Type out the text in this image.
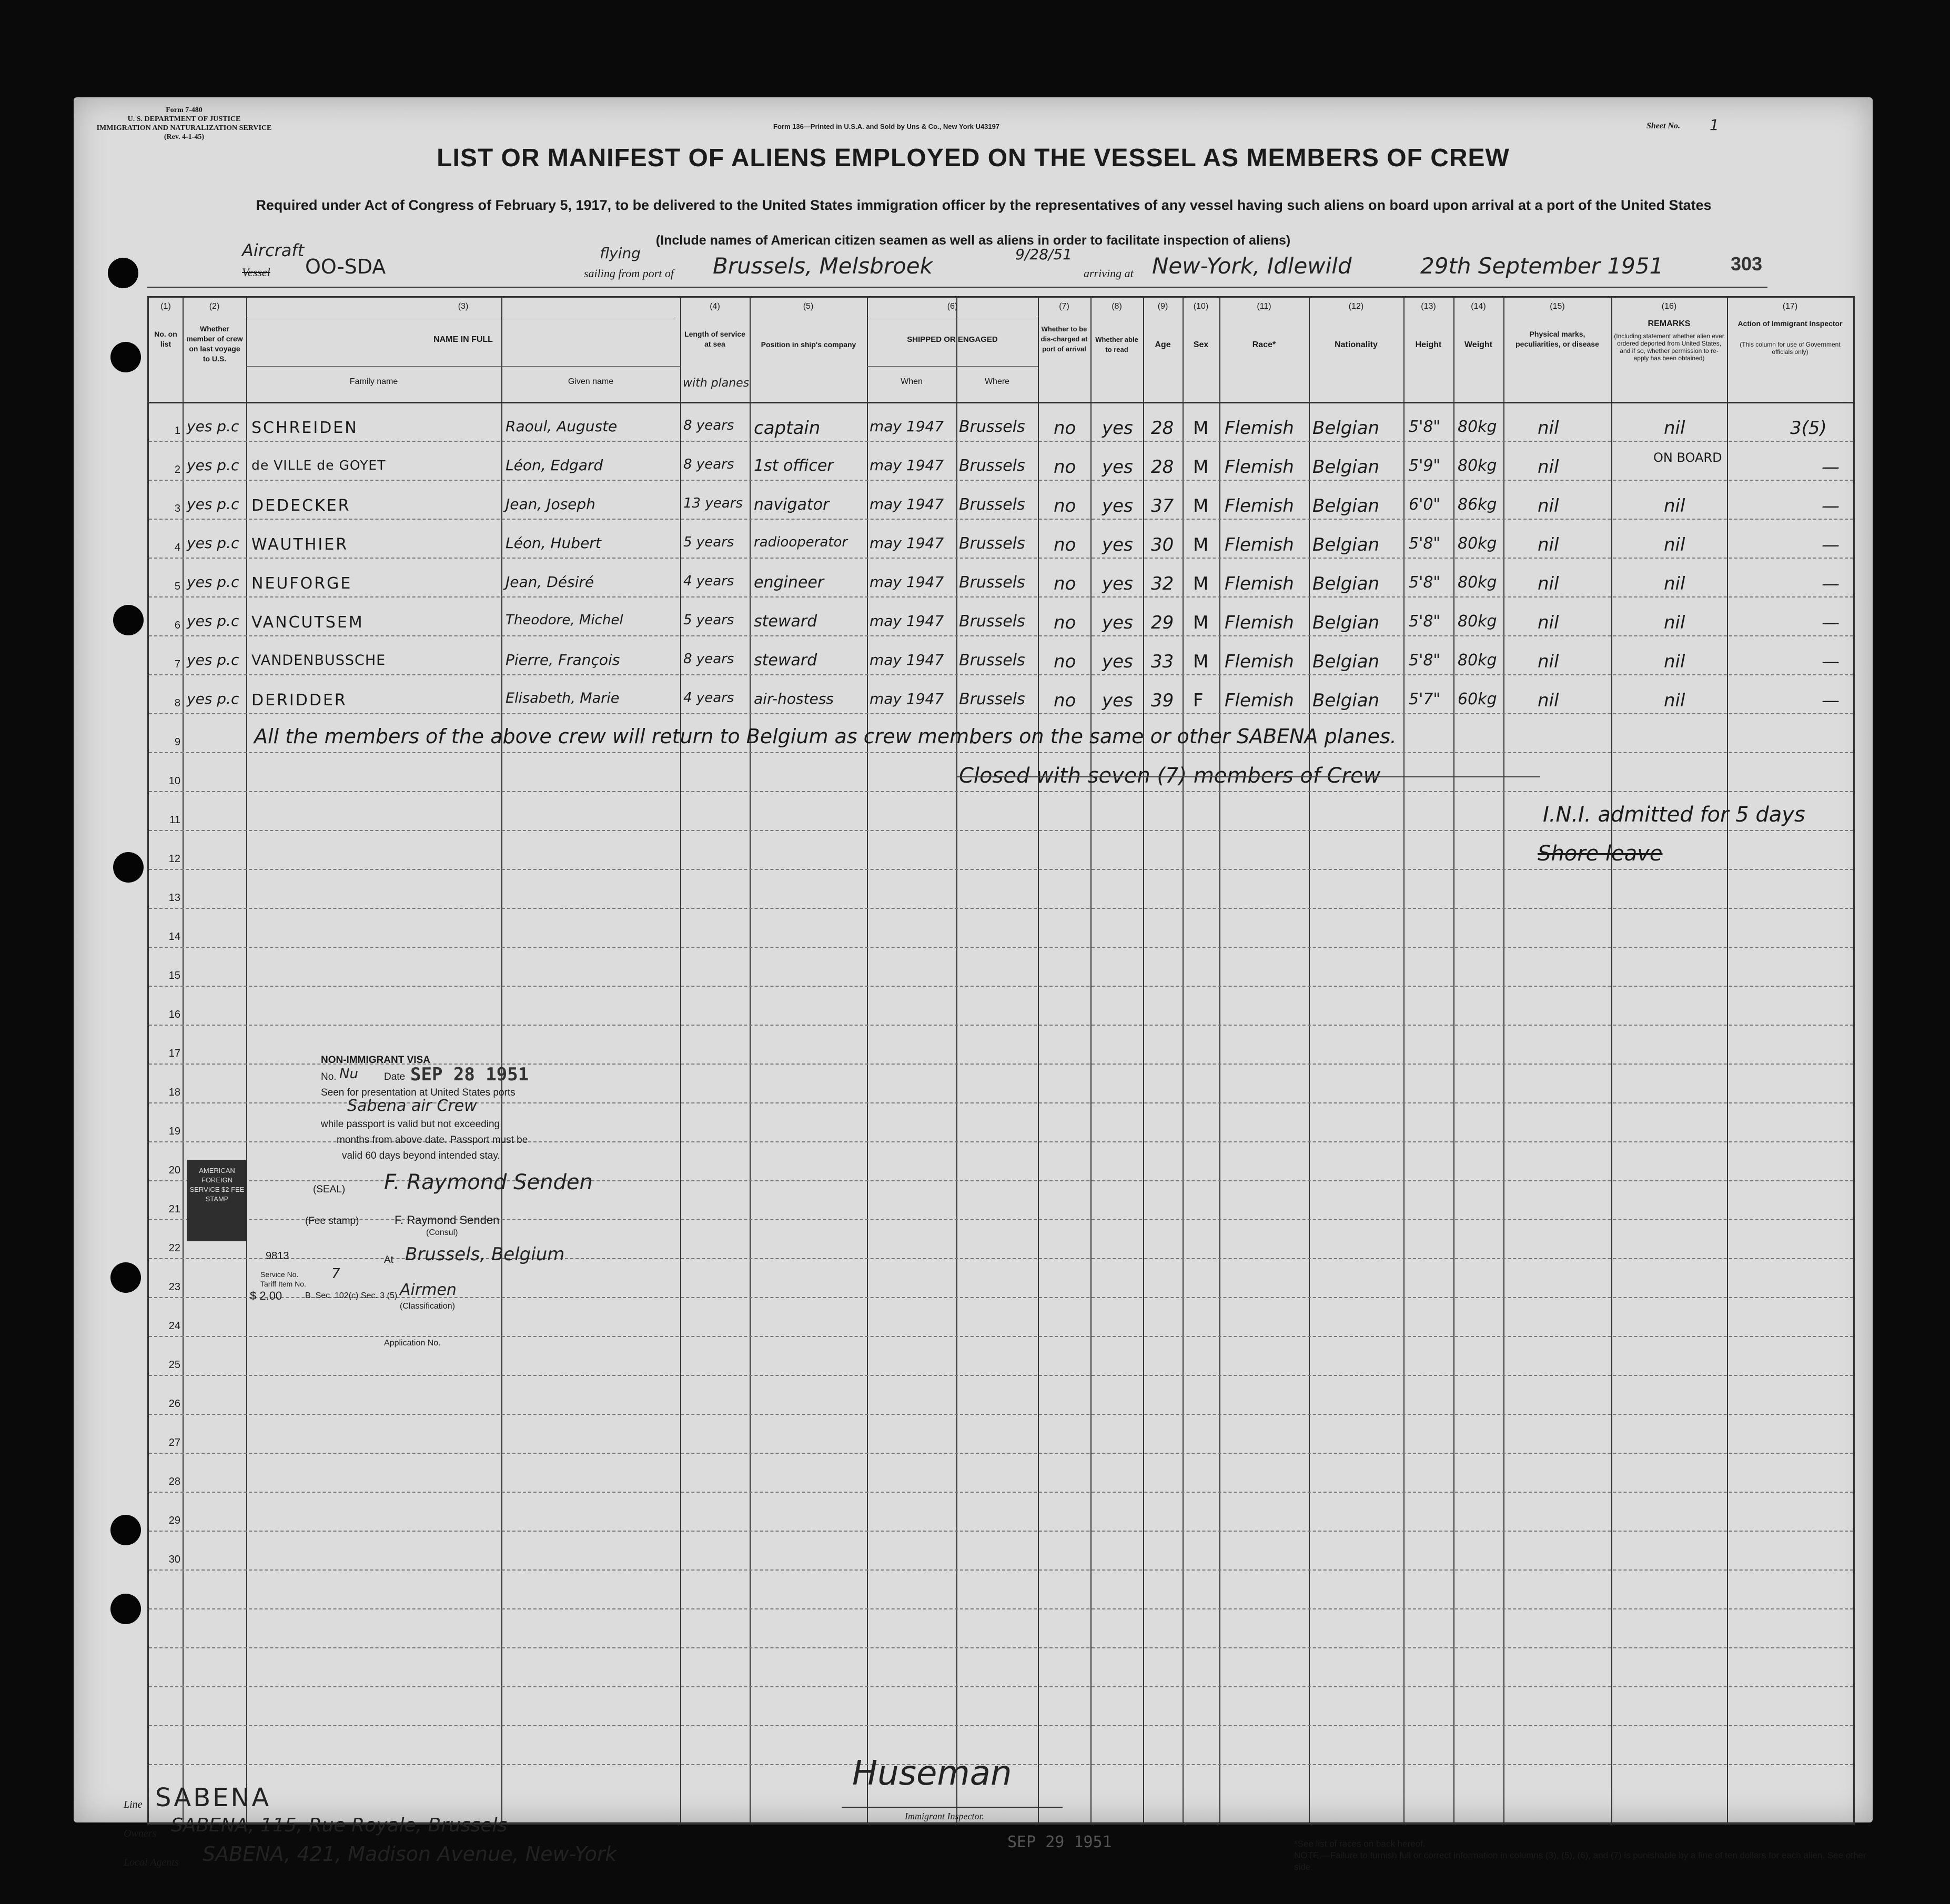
Form 7-480
U. S. DEPARTMENT OF JUSTICE
IMMIGRATION AND NATURALIZATION SERVICE
(Rev. 4-1-45)
Form 136—Printed in U.S.A. and Sold by Uns & Co., New York U43197	Sheet No. 1
LIST OR MANIFEST OF ALIENS EMPLOYED ON THE VESSEL AS MEMBERS OF CREW
Required under Act of Congress of February 5, 1917, to be delivered to the United States immigration officer by the representatives of any vessel having such aliens on board upon arrival at a port of the United States
(Include names of American citizen seamen as well as aliens in order to facilitate inspection of aliens)
303
Aircraft
Vessel OO-SDA
flying
sailing from port of Brussels, Melsbroek	9/28/51
arriving at New-York, Idlewild	29th September 1951
(1)	(2)	(3)	(4)	(5)	(6)	(7)	(8)	(9)	(10)	(11)	(12)	(13)	(14)	(15)	(16)	(17)
No. on list
Whether member of crew on last voyage to U.S.
NAME IN FULL
Family name	Given name
Length of service at sea
with planes
Position in ship's company
SHIPPED OR ENGAGED
When	Where
Whether to be dis-charged at port of arrival
Whether able to read
Age	Sex	Race*	Nationality	Height	Weight
Physical marks, peculiarities, or disease
REMARKS
(Including statement whether alien ever ordered deported from United States, and if so, whether permission to re-apply has been obtained)
Action of Immigrant Inspector
(This column for use of Government officials only)
1 yes p.c SCHREIDEN	Raoul, Auguste	8 years	captain	may 1947 Brussels	no	yes	28	M Flemish	Belgian	5'8"	80kg	nil	nil	3(5)
2 yes p.c de VILLE de GOYET	Léon, Edgard	8 years	1st officer	may 1947 Brussels	no	yes	28	M Flemish	Belgian	5'9"	80kg	nil	ON BOARD	—
3 yes p.c DEDECKER	Jean, Joseph	13 years navigator	may 1947 Brussels	no	yes	37	M Flemish	Belgian	6'0"	86kg	nil	nil	—
4 yes p.c WAUTHIER	Léon, Hubert	5 years	radiooperator	may 1947 Brussels	no	yes	30	M Flemish	Belgian	5'8"	80kg	nil	nil	—
5 yes p.c NEUFORGE	Jean, Désiré	4 years	engineer	may 1947 Brussels	no	yes	32	M Flemish	Belgian	5'8"	80kg	nil	nil	—
6 yes p.c VANCUTSEM	Theodore, Michel	5 years	steward	may 1947 Brussels	no	yes	29	M Flemish	Belgian	5'8"	80kg	nil	nil	—
7 yes p.c VANDENBUSSCHE	Pierre, François	8 years	steward	may 1947 Brussels	no	yes	33	M Flemish	Belgian	5'8"	80kg	nil	nil	—
8 yes p.c DERIDDER	Elisabeth, Marie	4 years	air-hostess	may 1947 Brussels	no	yes	39	F	Flemish	Belgian	5'7"	60kg	nil	nil	—
9	All the members of the above crew will return to Belgium as crew members on the same or other SABENA planes.
10	Closed with seven (7) members of Crew
11	I.N.I. admitted for 5 days
12	Shore leave
13
14
15
16
17
18
19
20
21
22
23
24
25
26
27
28
29
30
NON-IMMIGRANT VISA
No. Nu	Date SEP 28 1951
Seen for presentation at United States ports
Sabena air Crew
while passport is valid but not exceeding
months from above date. Passport must be
valid 60 days beyond intended stay.
(SEAL) F. Raymond Senden
(Fee stamp)	F. Raymond Senden
(Consul)
At Brussels, Belgium
Service No.
9813
Tariff Item No.
7
$ 2.00	B. Sec. 102(c) Sec. 3 (5) Airmen
(Classification)
Application No.
AMERICAN FOREIGN SERVICE $2 FEE STAMP
Line SABENA
Owners SABENA, 115, Rue Royale, Brussels
Local Agents SABENA, 421, Madison Avenue, New-York
Huseman
Immigrant Inspector.
SEP 29 1951	*See list of races on back hereof.
NOTE.—Failure to furnish full or correct information in columns (3), (5), (6), and (7) is punishable by a fine of ten dollars for each alien. See other side.
